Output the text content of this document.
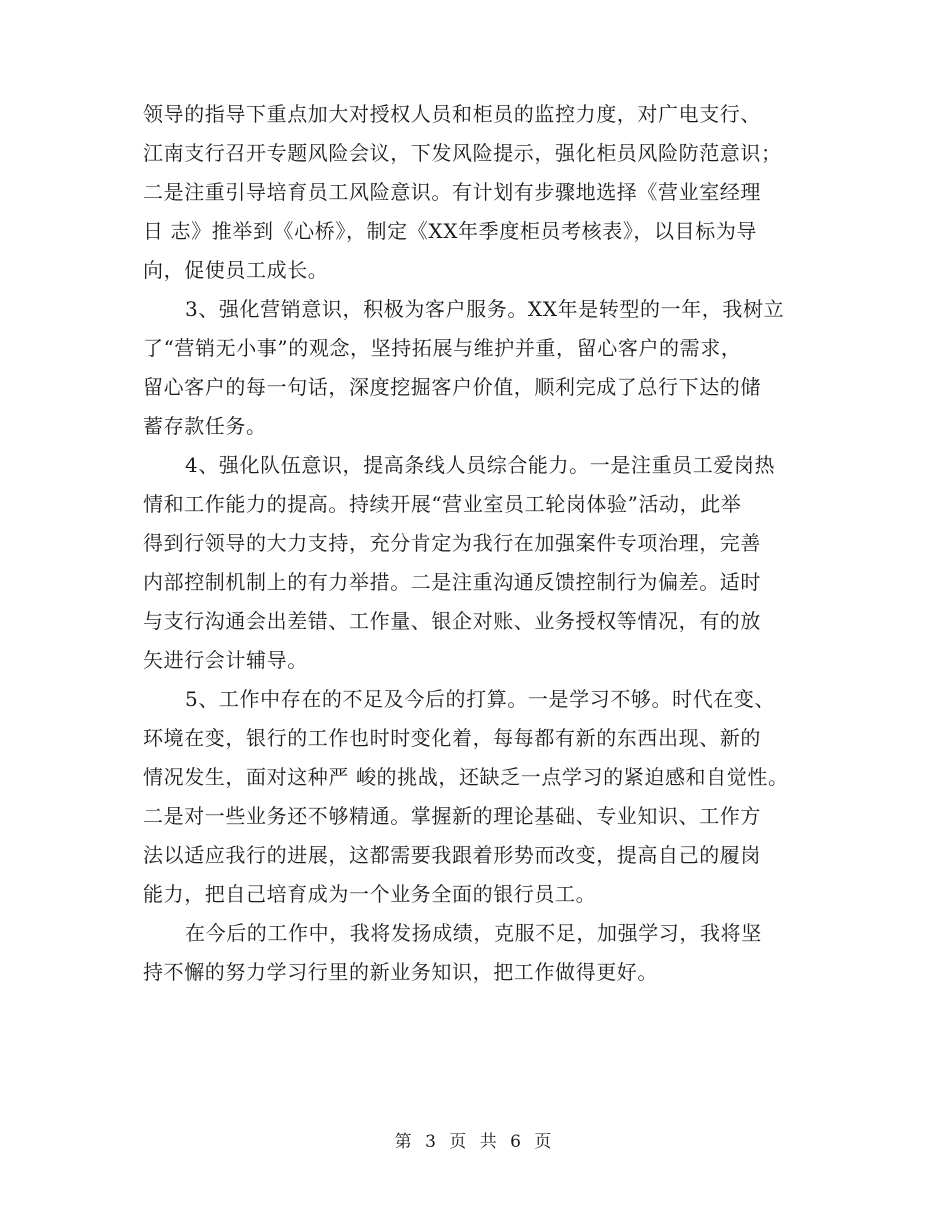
领导的指导下重点加大对授权人员和柜员的监控力度，对广电支行、
江南支行召开专题风险会议，下发风险提示，强化柜员风险防范意识；
二是注重引导培育员工风险意识。有计划有步骤地选择《营业室经理
日 志》推举到《心桥》，制定《XX年季度柜员考核表》，以目标为导
向，促使员工成长。
3、强化营销意识，积极为客户服务。XX年是转型的一年，我树立
了“营销无小事”的观念，坚持拓展与维护并重，留心客户的需求，
留心客户的每一句话，深度挖掘客户价值，顺利完成了总行下达的储
蓄存款任务。
4、强化队伍意识，提高条线人员综合能力。一是注重员工爱岗热
情和工作能力的提高。持续开展“营业室员工轮岗体验”活动，此举
得到行领导的大力支持，充分肯定为我行在加强案件专项治理，完善
内部控制机制上的有力举措。二是注重沟通反馈控制行为偏差。适时
与支行沟通会出差错、工作量、银企对账、业务授权等情况，有的放
矢进行会计辅导。
5、工作中存在的不足及今后的打算。一是学习不够。时代在变、
环境在变，银行的工作也时时变化着，每每都有新的东西出现、新的
情况发生，面对这种严 峻的挑战，还缺乏一点学习的紧迫感和自觉性。
二是对一些业务还不够精通。掌握新的理论基础、专业知识、工作方
法以适应我行的进展，这都需要我跟着形势而改变，提高自己的履岗
能力，把自己培育成为一个业务全面的银行员工。
在今后的工作中，我将发扬成绩，克服不足，加强学习，我将坚
持不懈的努力学习行里的新业务知识，把工作做得更好。
第 3 页 共 6 页
